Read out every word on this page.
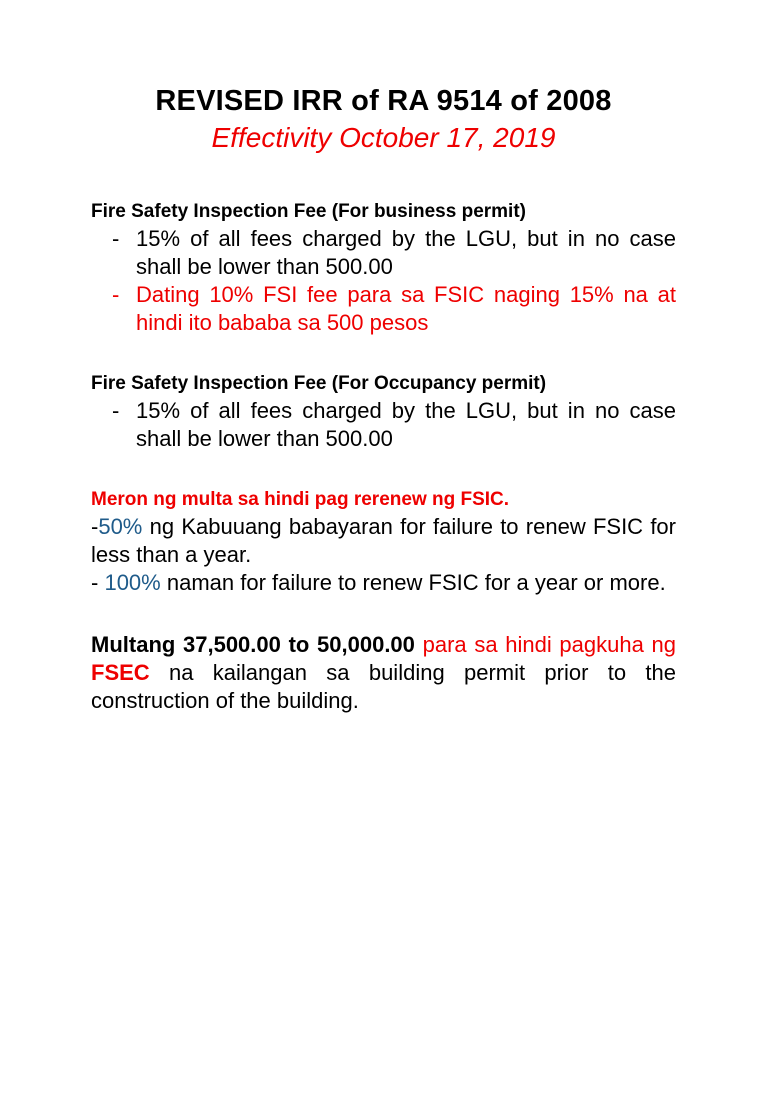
REVISED IRR of RA 9514 of 2008

Effectivity October 17, 2019

Fire Safety Inspection Fee (For business permit)

- 15% of all fees charged by the LGU, but in no case shall be lower than 500.00
- Dating 10% FSI fee para sa FSIC naging 15% na at hindi ito bababa sa 500 pesos

Fire Safety Inspection Fee (For Occupancy permit)

- 15% of all fees charged by the LGU, but in no case shall be lower than 500.00

Meron ng multa sa hindi pag rerenew ng FSIC.

-50% ng Kabuuang babayaran for failure to renew FSIC for less than a year.

- 100% naman for failure to renew FSIC for a year or more.

Multang 37,500.00 to 50,000.00 para sa hindi pagkuha ng FSEC na kailangan sa building permit prior to the construction of the building.
